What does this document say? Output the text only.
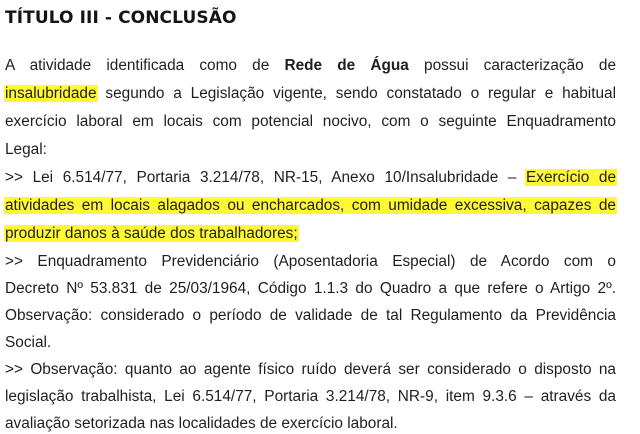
TÍTULO III - CONCLUSÃO
A atividade identificada como de Rede de Água possui caracterização de
insalubridade segundo a Legislação vigente, sendo constatado o regular e habitual
exercício laboral em locais com potencial nocivo, com o seguinte Enquadramento
Legal:
>> Lei 6.514/77, Portaria 3.214/78, NR-15, Anexo 10/Insalubridade – Exercício de
atividades em locais alagados ou encharcados, com umidade excessiva, capazes de
produzir danos à saúde dos trabalhadores;
>> Enquadramento Previdenciário (Aposentadoria Especial) de Acordo com o
Decreto Nº 53.831 de 25/03/1964, Código 1.1.3 do Quadro a que refere o Artigo 2º.
Observação: considerado o período de validade de tal Regulamento da Previdência
Social.
>> Observação: quanto ao agente físico ruído deverá ser considerado o disposto na
legislação trabalhista, Lei 6.514/77, Portaria 3.214/78, NR-9, item 9.3.6 – através da
avaliação setorizada nas localidades de exercício laboral.
